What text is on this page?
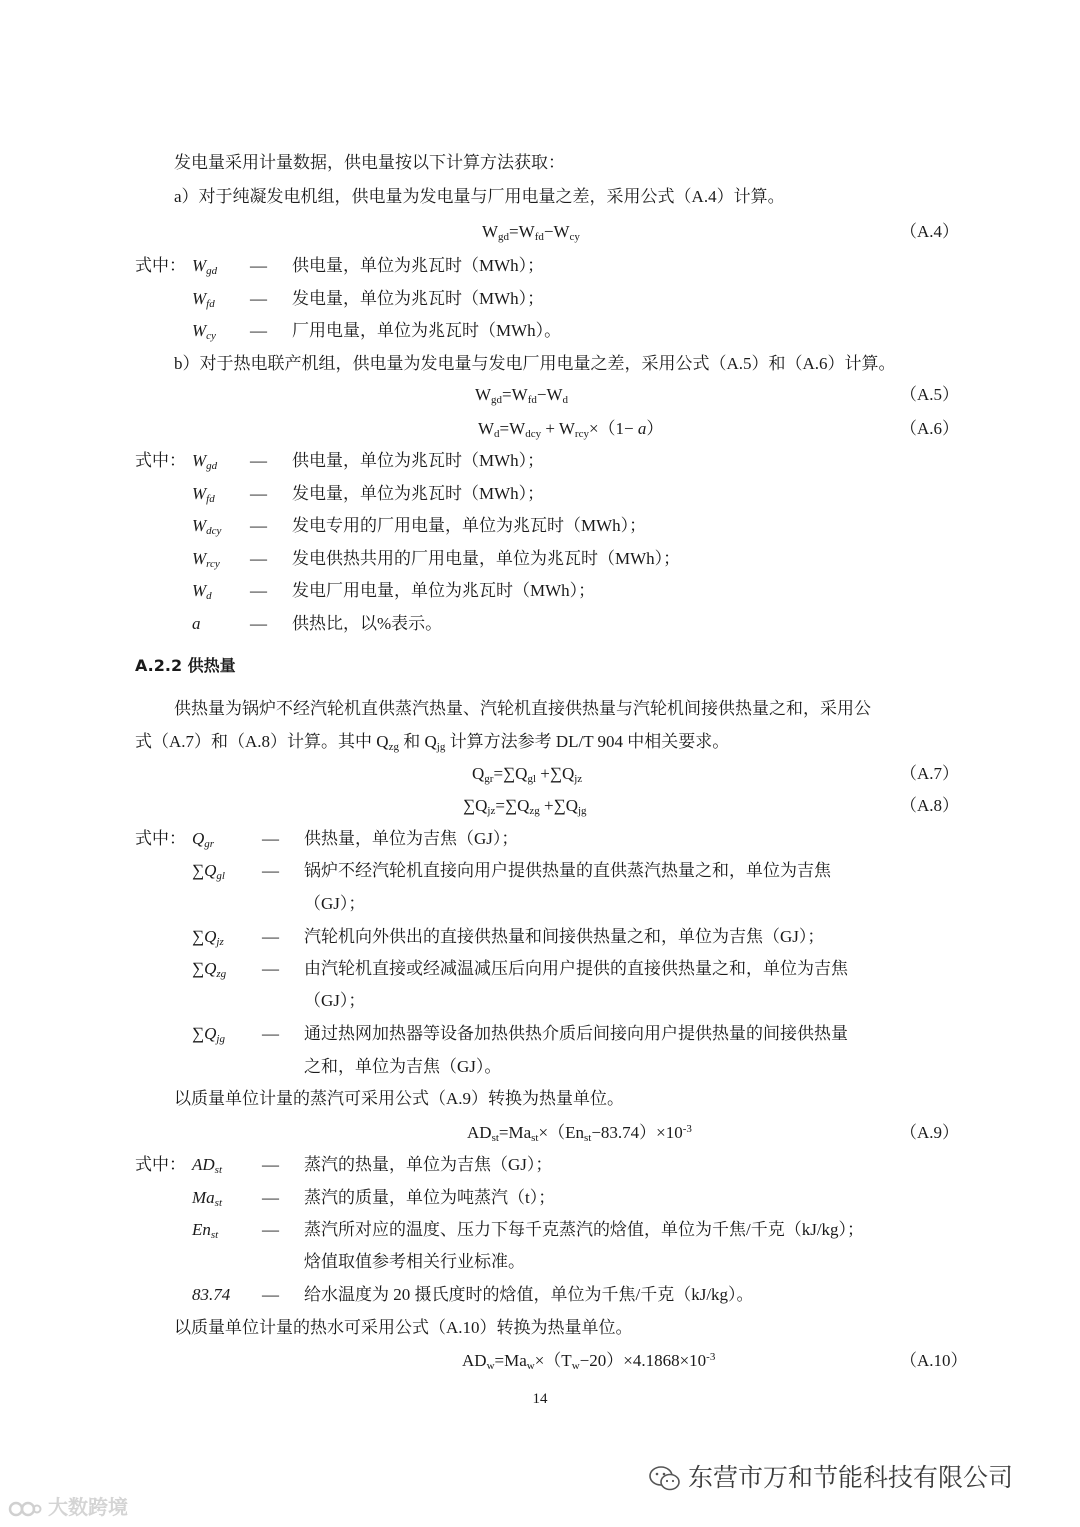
发电量采用计量数据，供电量按以下计算方法获取：
a）对于纯凝发电机组，供电量为发电量与厂用电量之差，采用公式（A.4）计算。
$W_{gd}=W_{fd}-W_{cy}$	（A.4）
式中： $W_{gd}$ — 供电量，单位为兆瓦时（MWh）；
$W_{fd}$ — 发电量，单位为兆瓦时（MWh）；
$W_{cy}$ — 厂用电量，单位为兆瓦时（MWh）。
b）对于热电联产机组，供电量为发电量与发电厂用电量之差，采用公式（A.5）和（A.6）计算。
$W_{gd}=W_{fd}-W_d$	（A.5）
$W_d=W_{dcy} + W_{rcy}\times(1- a)$	（A.6）
式中： $W_{gd}$ — 供电量，单位为兆瓦时（MWh）；
$W_{fd}$ — 发电量，单位为兆瓦时（MWh）；
$W_{dcy}$ — 发电专用的厂用电量，单位为兆瓦时（MWh）；
$W_{rcy}$ — 发电供热共用的厂用电量，单位为兆瓦时（MWh）；
$W_d$ — 发电厂用电量，单位为兆瓦时（MWh）；
a	— 供热比，以%表示。
A.2.2 供热量
供热量为锅炉不经汽轮机直供蒸汽热量、汽轮机直接供热量与汽轮机间接供热量之和，采用公
式（A.7）和（A.8）计算。其中 $Q_{zg}$ 和 $Q_{jg}$ 计算方法参考 DL/T 904 中相关要求。
$Q_{gr}=\sum Q_{gl} +\sum Q_{jz}$	（A.7）
$\sum Q_{jz}=\sum Q_{zg} +\sum Q_{jg}$	（A.8）
式中： $Q_{gr}$	— 供热量，单位为吉焦（GJ）；
$\sum Q_{gl}$ — 锅炉不经汽轮机直接向用户提供热量的直供蒸汽热量之和，单位为吉焦
（GJ）；
$\sum Q_{jz}$ — 汽轮机向外供出的直接供热量和间接供热量之和，单位为吉焦（GJ）；
$\sum Q_{zg}$ — 由汽轮机直接或经减温减压后向用户提供的直接供热量之和，单位为吉焦
（GJ）；
$\sum Q_{jg}$ — 通过热网加热器等设备加热供热介质后间接向用户提供热量的间接供热量
之和，单位为吉焦（GJ）。
以质量单位计量的蒸汽可采用公式（A.9）转换为热量单位。
$AD_{st}=Ma_{st}\times(En_{st}-83.74)\times 10^{-3}$	（A.9）
式中： $AD_{st}$ — 蒸汽的热量，单位为吉焦（GJ）；
$Ma_{st}$ — 蒸汽的质量，单位为吨蒸汽（t）；
$En_{st}$	— 蒸汽所对应的温度、压力下每千克蒸汽的焓值，单位为千焦/千克（kJ/kg）；
焓值取值参考相关行业标准。
83.74 — 给水温度为 20 摄氏度时的焓值，单位为千焦/千克（kJ/kg）。
以质量单位计量的热水可采用公式（A.10）转换为热量单位。
$AD_w=Ma_w\times(T_w-20)\times 4.1868\times 10^{-3}$	（A.10）
14
东营市万和节能科技有限公司
大数跨境
